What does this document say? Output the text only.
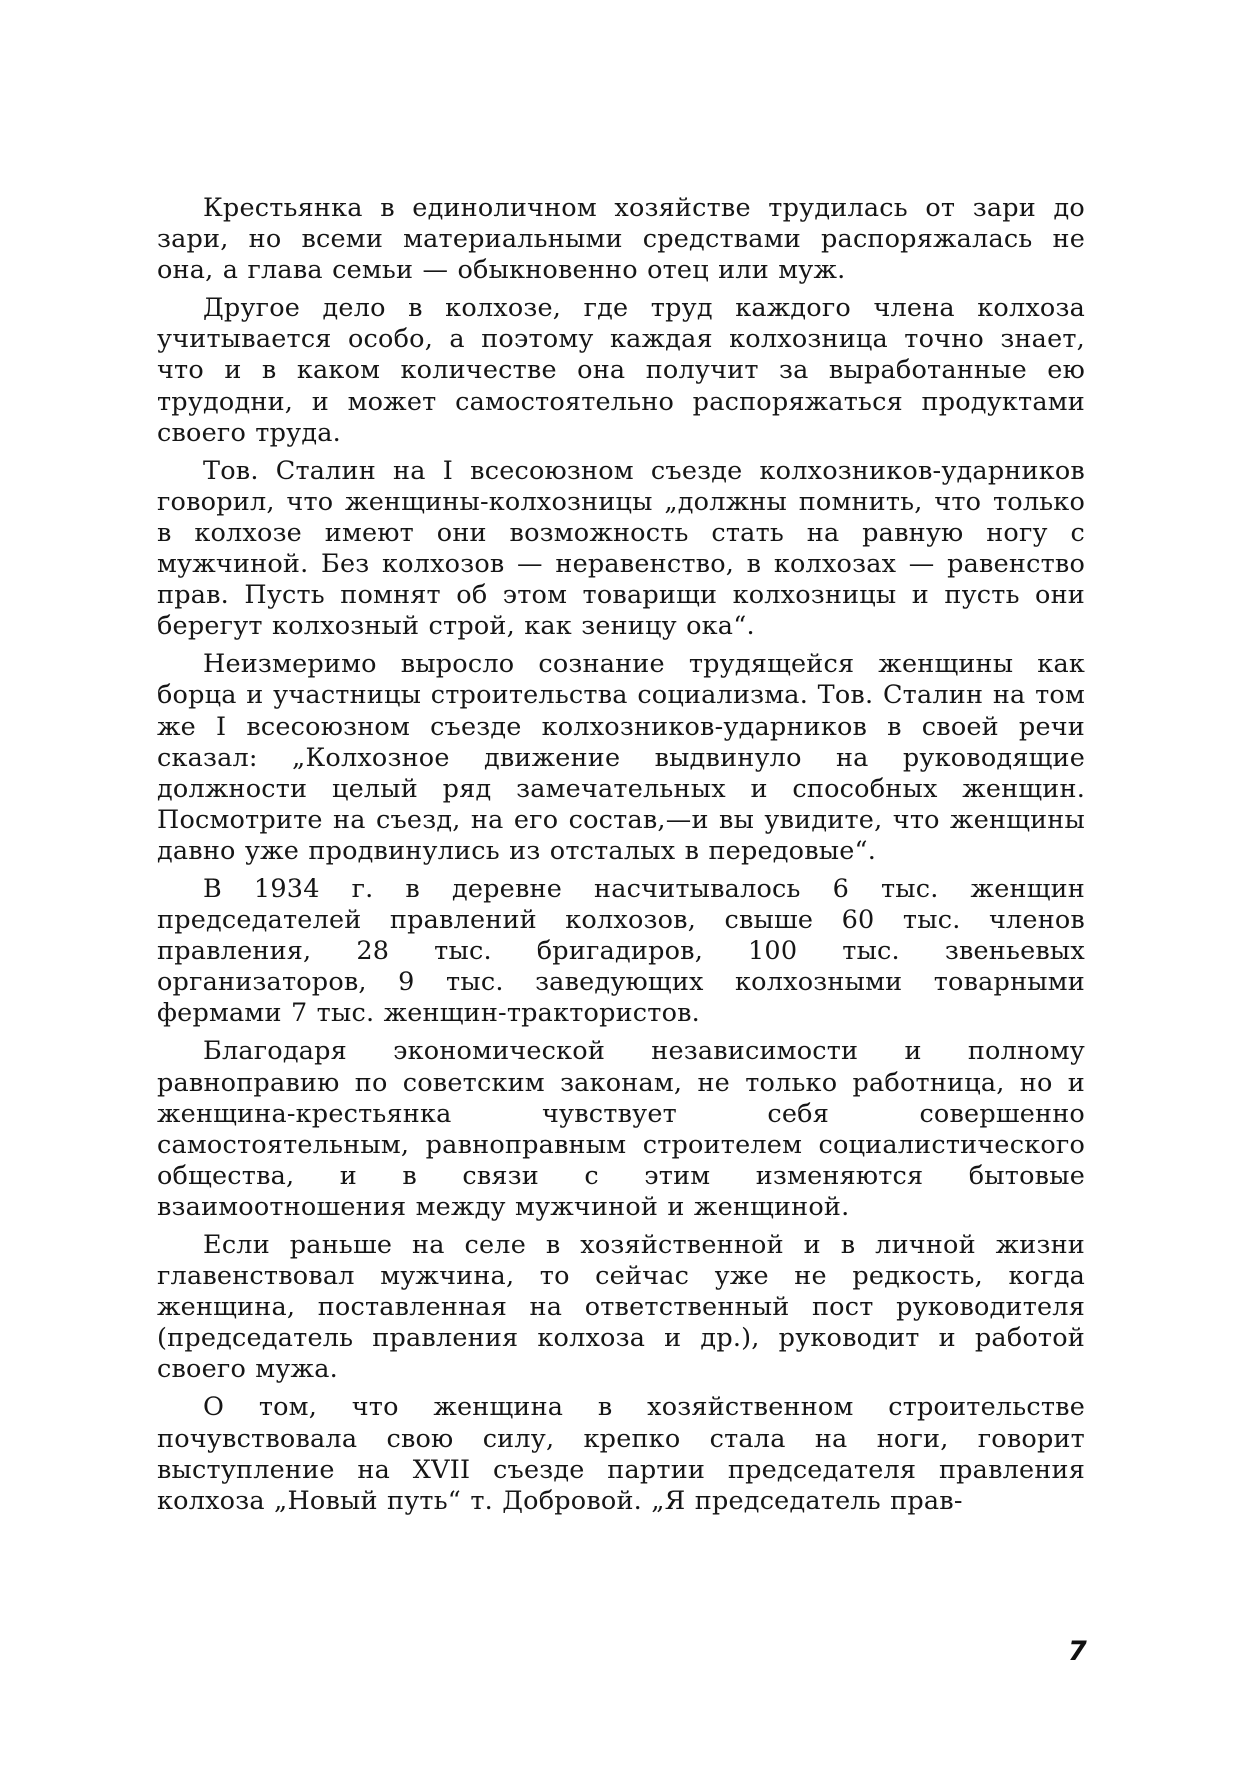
Крестьянка в единоличном хозяйстве трудилась от зари до зари, но всеми материальными средствами распоряжалась не она, а глава семьи — обыкновенно отец или муж.

Другое дело в колхозе, где труд каждого члена колхоза учитывается особо, а поэтому каждая колхозница точно знает, что и в каком количестве она получит за выработанные ею трудодни, и может самостоятельно распоряжаться продуктами своего труда.

Тов. Сталин на I всесоюзном съезде колхозников-ударников говорил, что женщины-колхозницы „должны помнить, что только в колхозе имеют они возможность стать на равную ногу с мужчиной. Без колхозов — неравенство, в колхозах — равенство прав. Пусть помнят об этом товарищи колхозницы и пусть они берегут колхозный строй, как зеницу ока“.

Неизмеримо выросло сознание трудящейся женщины как борца и участницы строительства социализма. Тов. Сталин на том же I всесоюзном съезде колхозников-ударников в своей речи сказал: „Колхозное движение выдвинуло на руководящие должности целый ряд замечательных и способных женщин. Посмотрите на съезд, на его состав,—и вы увидите, что женщины давно уже продвинулись из отсталых в передовые“.

В 1934 г. в деревне насчитывалось 6 тыс. женщин председателей правлений колхозов, свыше 60 тыс. членов правления, 28 тыс. бригадиров, 100 тыс. звеньевых организаторов, 9 тыс. заведующих колхозными товарными фермами 7 тыс. женщин-трактористов.

Благодаря экономической независимости и полному равноправию по советским законам, не только работница, но и женщина-крестьянка чувствует себя совершенно самостоятельным, равноправным строителем социалистического общества, и в связи с этим изменяются бытовые взаимоотношения между мужчиной и женщиной.

Если раньше на селе в хозяйственной и в личной жизни главенствовал мужчина, то сейчас уже не редкость, когда женщина, поставленная на ответственный пост руководителя (председатель правления колхоза и др.), руководит и работой своего мужа.

О том, что женщина в хозяйственном строительстве почувствовала свою силу, крепко стала на ноги, говорит выступление на XVII съезде партии председателя правления колхоза „Новый путь“ т. Добровой. „Я председатель прав-

7
